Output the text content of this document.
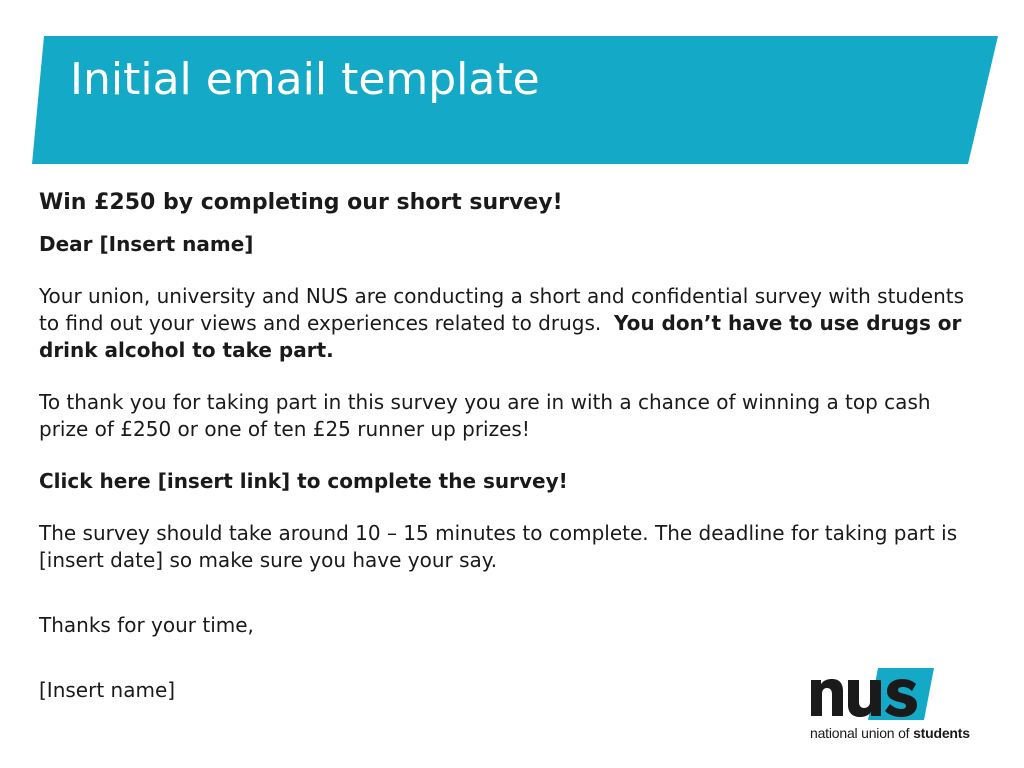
Initial email template

Win £250 by completing our short survey!

Dear [Insert name]

Your union, university and NUS are conducting a short and confidential survey with students to find out your views and experiences related to drugs. You don’t have to use drugs or drink alcohol to take part.

To thank you for taking part in this survey you are in with a chance of winning a top cash prize of £250 or one of ten £25 runner up prizes!

Click here [insert link] to complete the survey!

The survey should take around 10 – 15 minutes to complete. The deadline for taking part is [insert date] so make sure you have your say.

Thanks for your time,

[Insert name]

national union of students
